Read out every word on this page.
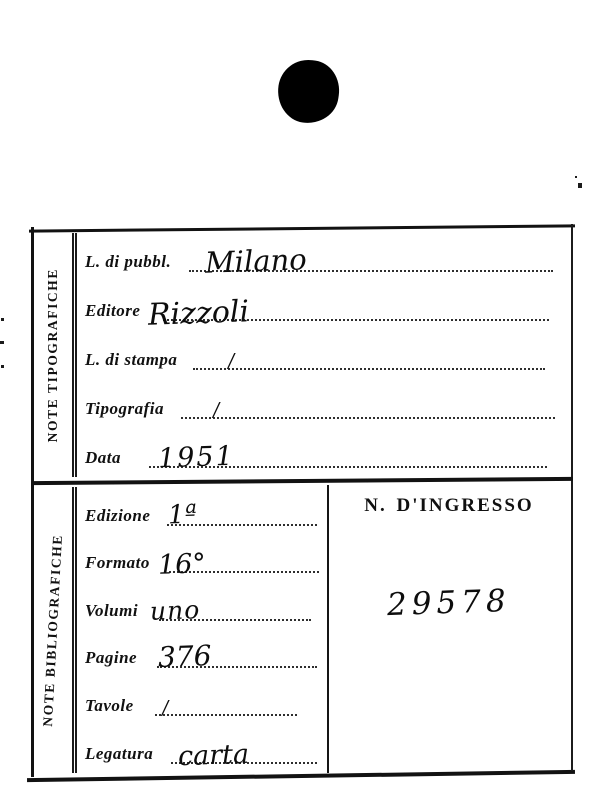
NOTE TIPOGRAFICHE
NOTE BIBLIOGRAFICHE
L. di pubbl. Milano
Editore Rizzoli
L. di stampa	/
Tipografia	/
Data 1951
Edizione 1ª
Formato 16°
Volumi uno
Pagine 376
Tavole /
Legatura carta
N. D'INGRESSO
29578
